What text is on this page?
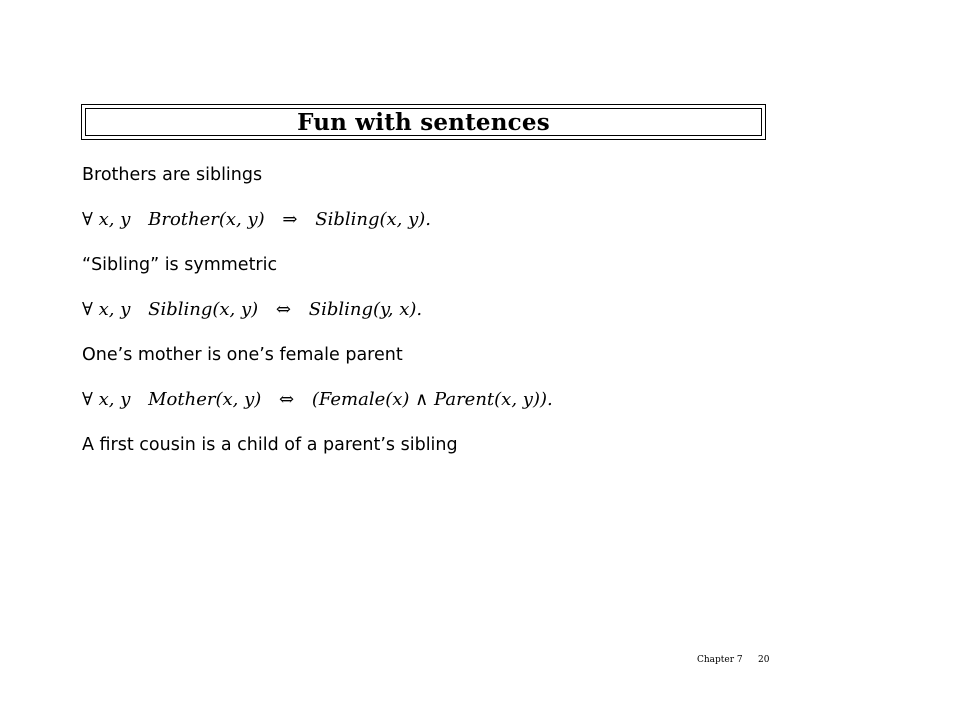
Fun with sentences
Brothers are siblings
∀ x, y Brother(x, y) ⇒ Sibling(x, y).
“Sibling” is symmetric
∀ x, y Sibling(x, y) ⇔ Sibling(y, x).
One’s mother is one’s female parent
∀ x, y Mother(x, y) ⇔ (Female(x) ∧ Parent(x, y)).
A first cousin is a child of a parent’s sibling
Chapter 7 20
